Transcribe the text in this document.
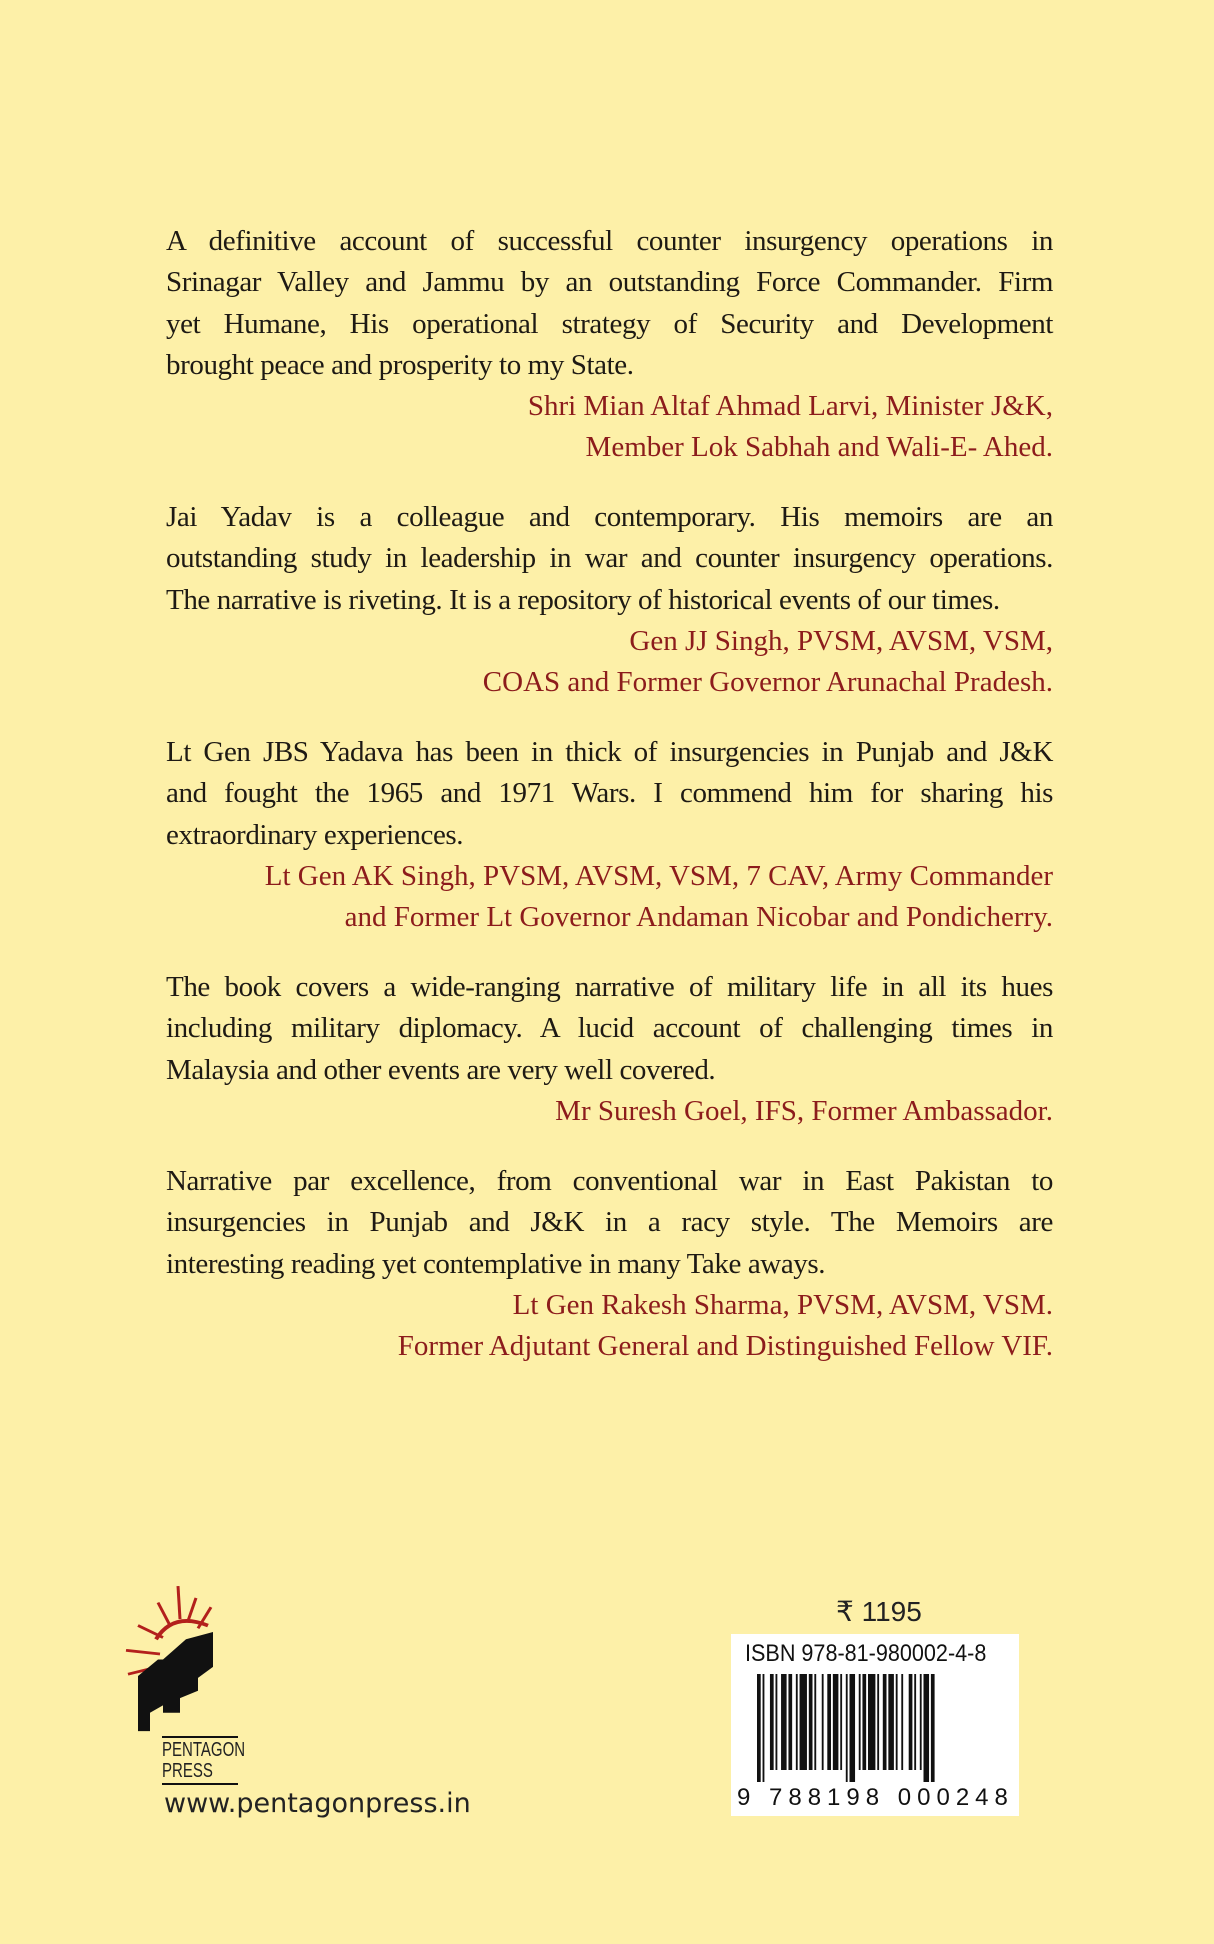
A definitive account of successful counter insurgency operations in
Srinagar Valley and Jammu by an outstanding Force Commander. Firm
yet Humane, His operational strategy of Security and Development
brought peace and prosperity to my State.
Shri Mian Altaf Ahmad Larvi, Minister J&K,
Member Lok Sabhah and Wali-E- Ahed.
Jai Yadav is a colleague and contemporary. His memoirs are an
outstanding study in leadership in war and counter insurgency operations.
The narrative is riveting. It is a repository of historical events of our times.
Gen JJ Singh, PVSM, AVSM, VSM,
COAS and Former Governor Arunachal Pradesh.
Lt Gen JBS Yadava has been in thick of insurgencies in Punjab and J&K
and fought the 1965 and 1971 Wars. I commend him for sharing his
extraordinary experiences.
Lt Gen AK Singh, PVSM, AVSM, VSM, 7 CAV, Army Commander
and Former Lt Governor Andaman Nicobar and Pondicherry.
The book covers a wide-ranging narrative of military life in all its hues
including military diplomacy. A lucid account of challenging times in
Malaysia and other events are very well covered.
Mr Suresh Goel, IFS, Former Ambassador.
Narrative par excellence, from conventional war in East Pakistan to
insurgencies in Punjab and J&K in a racy style. The Memoirs are
interesting reading yet contemplative in many Take aways.
Lt Gen Rakesh Sharma, PVSM, AVSM, VSM.
Former Adjutant General and Distinguished Fellow VIF.
PENTAGON
PRESS
www.pentagonpress.in
₹ 1195
ISBN 978-81-980002-4-8
9 788198 000248
